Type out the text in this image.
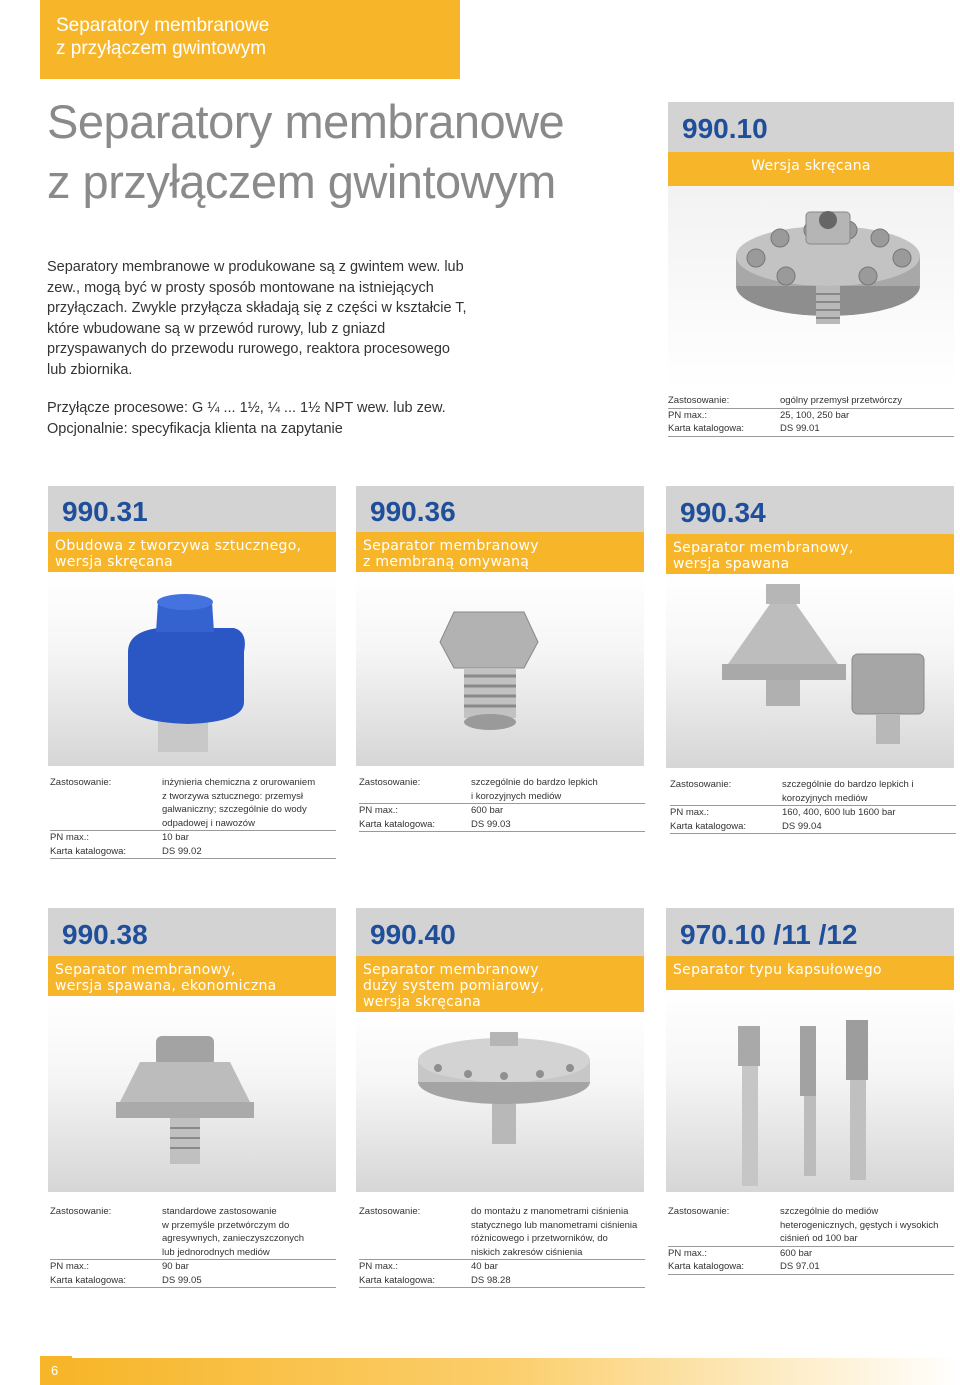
Separatory membranowe
z przyłączem gwintowym
Separatory membranowe
z przyłączem gwintowym
Separatory membranowe w produkowane są z gwintem wew. lub zew., mogą być w prosty sposób montowane na istniejących przyłączach. Zwykle przyłącza składają się z części w kształcie T, które wbudowane są w przewód rurowy, lub z gniazd przyspawanych do przewodu rurowego, reaktora procesowego lub zbiornika.
Przyłącze procesowe: G ¼ ... 1½, ¼ ... 1½ NPT wew. lub zew.
Opcjonalnie: specyfikacja klienta na zapytanie
990.10
Wersja skręcana
Zastosowanie:	ogólny przemysł przetwórczy
PN max.:	25, 100, 250 bar
Karta katalogowa:	DS 99.01
990.31
Obudowa z tworzywa sztucznego,
wersja skręcana
Zastosowanie:	inżynieria chemiczna z orurowaniem
z tworzywa sztucznego: przemysł
galwaniczny; szczególnie do wody
odpadowej i nawozów
PN max.:	10 bar
Karta katalogowa:	DS 99.02
990.36
Separator membranowy
z membraną omywaną
Zastosowanie:	szczególnie do bardzo lepkich
i korozyjnych mediów
PN max.:	600 bar
Karta katalogowa:	DS 99.03
990.34
Separator membranowy,
wersja spawana
Zastosowanie:	szczególnie do bardzo lepkich i
korozyjnych mediów
PN max.:	160, 400, 600 lub 1600 bar
Karta katalogowa:	DS 99.04
990.38
Separator membranowy,
wersja spawana, ekonomiczna
Zastosowanie:	standardowe zastosowanie
w przemyśle przetwórczym do
agresywnych, zanieczyszczonych
lub jednorodnych mediów
PN max.:	90 bar
Karta katalogowa:	DS 99.05
990.40
Separator membranowy
duży system pomiarowy,
wersja skręcana
Zastosowanie:	do montażu z manometrami ciśnienia
statycznego lub manometrami ciśnienia
różnicowego i przetworników, do
niskich zakresów ciśnienia
PN max.:	40 bar
Karta katalogowa:	DS 98.28
970.10 /11 /12
Separator typu kapsułowego
Zastosowanie:	szczególnie do mediów
heterogenicznych, gęstych i wysokich
ciśnień od 100 bar
PN max.:	600 bar
Karta katalogowa:	DS 97.01
6
